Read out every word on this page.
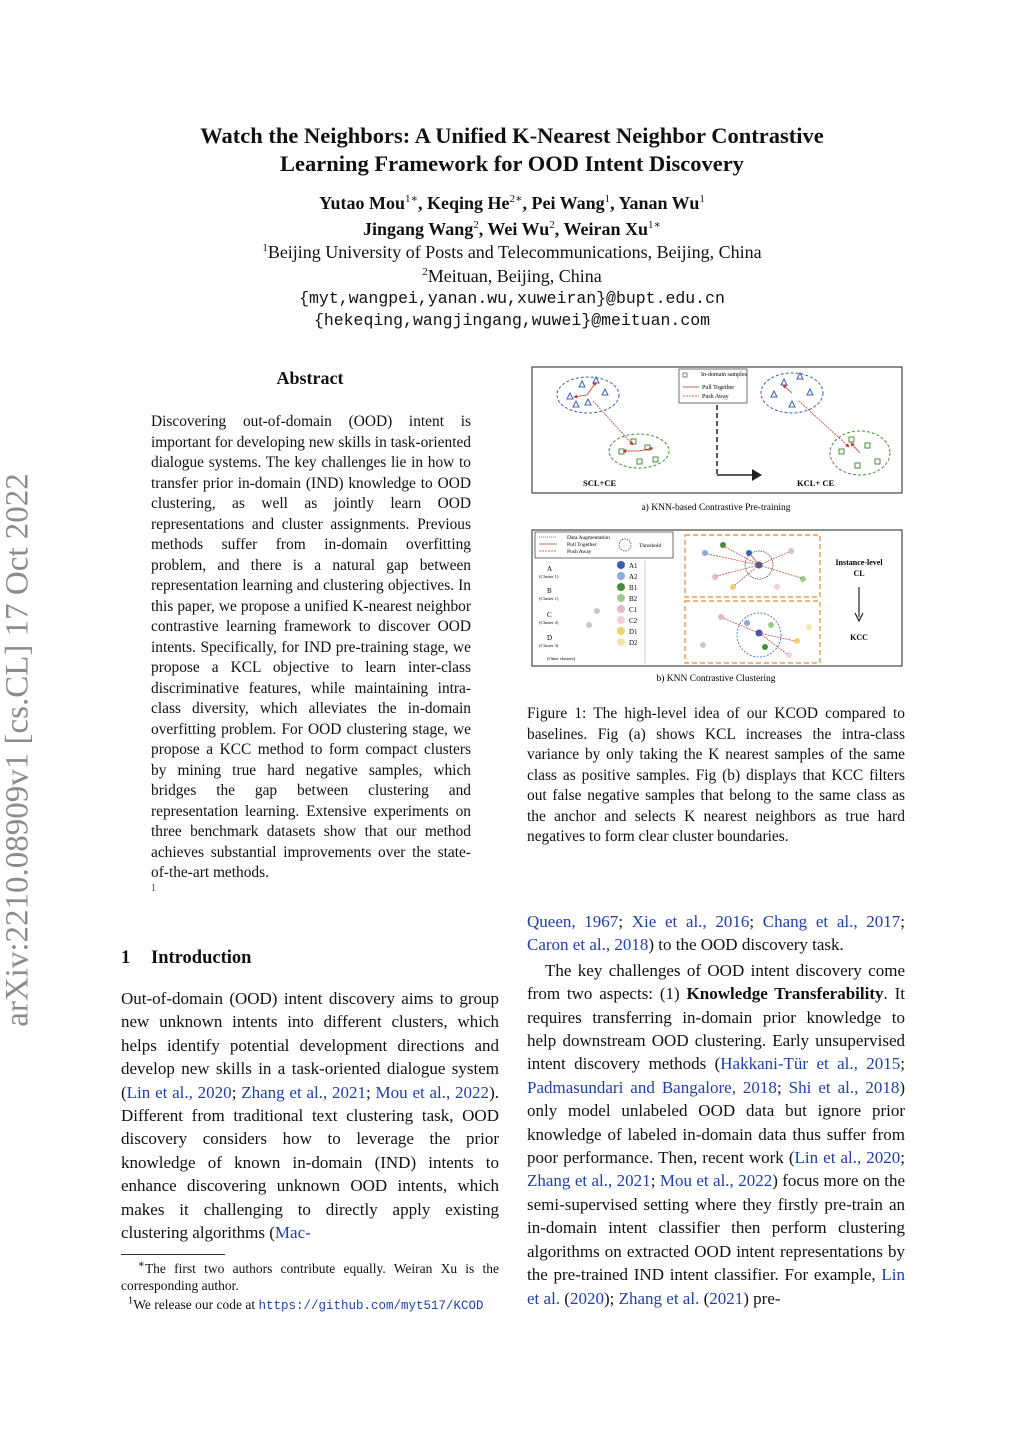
Watch the Neighbors: A Unified K-Nearest Neighbor Contrastive
Learning Framework for OOD Intent Discovery
Yutao Mou$^{1∗}$, Keqing $He^{2∗}$, Pei Wang$^1$, Yanan Wu$^1$
Jingang Wang$^2$, Wei Wu$^2$, Weiran $Xu^{1∗}$
$^1$Beijing University of Posts and Telecommunications, Beijing, China
$^2$Meituan, Beijing, China
{myt,wangpei,yanan.wu,xuweiran}@bupt.edu.cn
{hekeqing,wangjingang,wuwei}@meituan.com
arXiv:2210.08909v1 [cs.CL] 17 Oct 2022
Abstract
Discovering out-of-domain (OOD) intent is important for developing new skills in task-oriented dialogue systems. The key challenges lie in how to transfer prior in-domain (IND) knowledge to OOD clustering, as well as jointly learn OOD representations and cluster assignments. Previous methods suffer from in-domain overfitting problem, and there is a natural gap between representation learning and clustering objectives. In this paper, we propose a unified K-nearest neighbor contrastive learning framework to discover OOD intents. Specifically, for IND pre-training stage, we propose a KCL objective to learn inter-class discriminative features, while maintaining intra-class diversity, which alleviates the in-domain overfitting problem. For OOD clustering stage, we propose a KCC method to form compact clusters by mining true hard negative samples, which bridges the gap between clustering and representation learning. Extensive experiments on three benchmark datasets show that our method achieves substantial improvements over the state-of-the-art methods.
1
1 Introduction
Out-of-domain (OOD) intent discovery aims to group new unknown intents into different clusters, which helps identify potential development directions and develop new skills in a task-oriented dialogue system (Lin et al., 2020; Zhang et al., 2021; Mou et al., 2022). Different from traditional text clustering task, OOD discovery considers how to leverage the prior knowledge of known in-domain (IND) intents to enhance discovering unknown OOD intents, which makes it challenging to directly apply existing clustering algorithms (Mac-
∗The first two authors contribute equally. Weiran Xu is the corresponding author.
$^1$We release our code at https://github.com/myt517/KCOD
In-domain samples
Pull Together
Push Away
SCL+CE	KCL+ CE
a) KNN-based Contrastive Pre-training
Data Augmentation
Pull Together
Push Away
Threshold
A
(Cluster 1)
B
(Cluster 1)
C
(Cluster 2)
D
(Cluster 3)
(Other clusters)
A1
A2
B1
B2
C1
C2
D1
D2
Instance-level
CL
KCC
b) KNN Contrastive Clustering
Figure 1: The high-level idea of our KCOD compared to baselines. Fig (a) shows KCL increases the intra-class variance by only taking the K nearest samples of the same class as positive samples. Fig (b) displays that KCC filters out false negative samples that belong to the same class as the anchor and selects K nearest neighbors as true hard negatives to form clear cluster boundaries.

Queen, 1967; Xie et al., 2016; Chang et al., 2017; Caron et al., 2018) to the OOD discovery task.

The key challenges of OOD intent discovery come from two aspects: (1) Knowledge Transferability. It requires transferring in-domain prior knowledge to help downstream OOD clustering. Early unsupervised intent discovery methods (Hakkani-Tür et al., 2015; Padmasundari and Bangalore, 2018; Shi et al., 2018) only model unlabeled OOD data but ignore prior knowledge of labeled in-domain data thus suffer from poor performance. Then, recent work (Lin et al., 2020; Zhang et al., 2021; Mou et al., 2022) focus more on the semi-supervised setting where they firstly pre-train an in-domain intent classifier then perform clustering algorithms on extracted OOD intent representations by the pre-trained IND intent classifier. For example, Lin et al. (2020); Zhang et al. (2021) pre-
